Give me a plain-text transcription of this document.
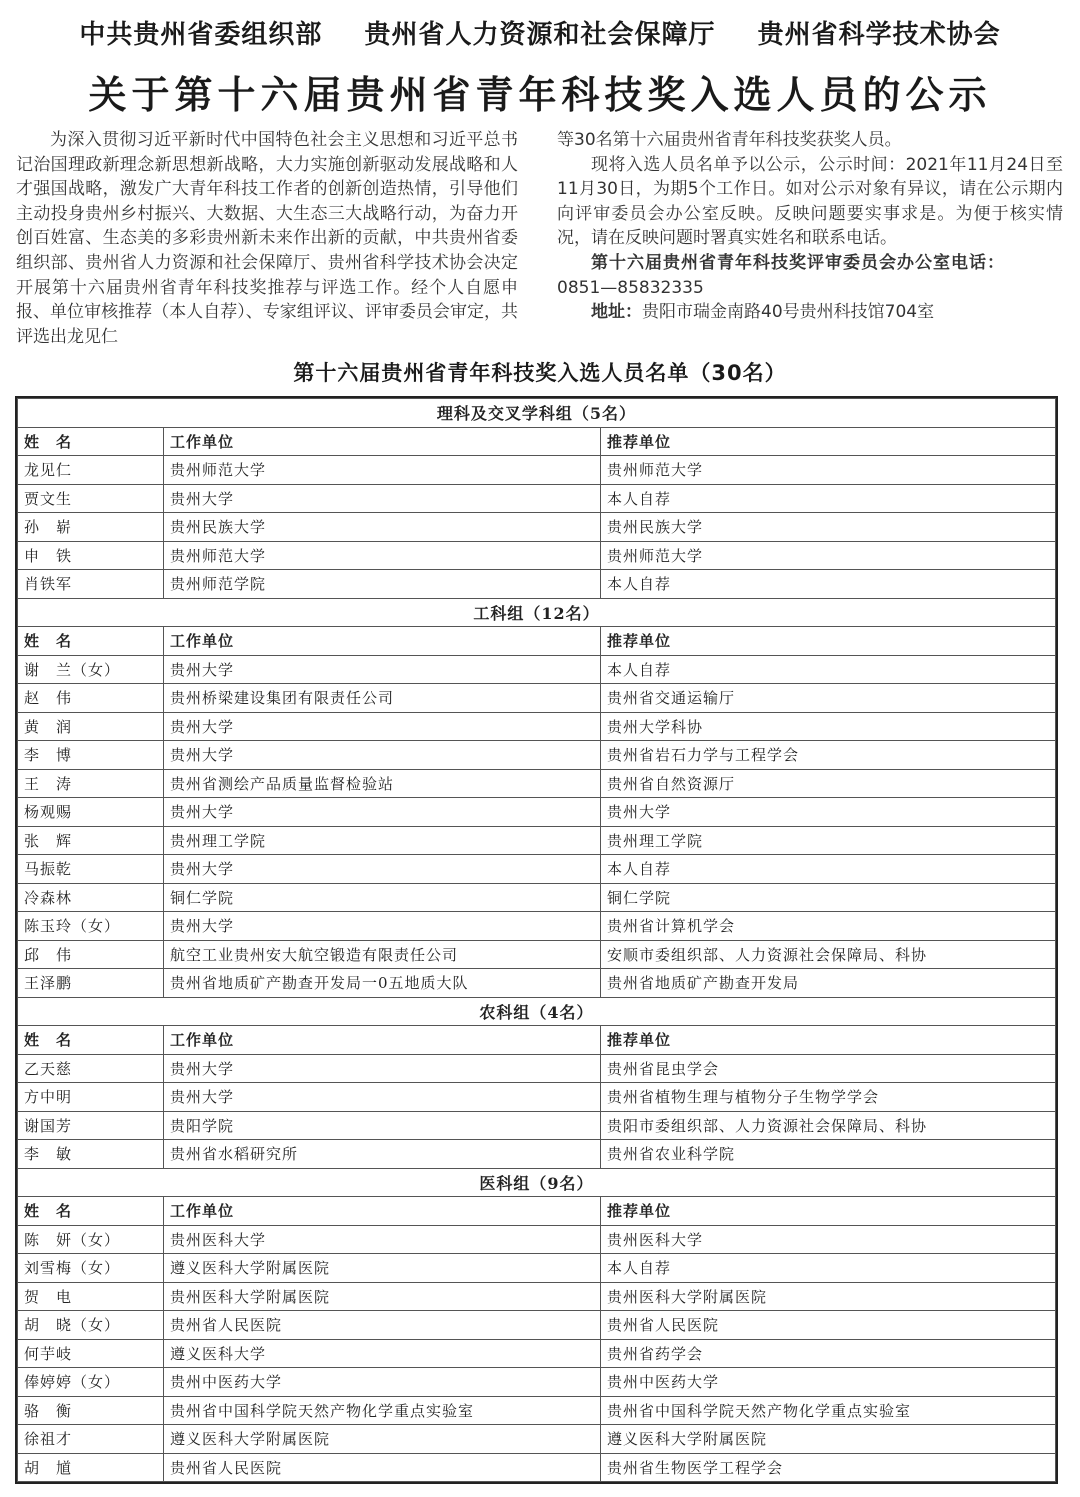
中共贵州省委组织部 贵州省人力资源和社会保障厅 贵州省科学技术协会
关于第十六届贵州省青年科技奖入选人员的公示

为深入贯彻习近平新时代中国特色社会主义思想和习近平总书记治国理政新理念新思想新战略，大力实施创新驱动发展战略和人才强国战略，激发广大青年科技工作者的创新创造热情，引导他们主动投身贵州乡村振兴、大数据、大生态三大战略行动，为奋力开创百姓富、生态美的多彩贵州新未来作出新的贡献，中共贵州省委组织部、贵州省人力资源和社会保障厅、贵州省科学技术协会决定开展第十六届贵州省青年科技奖推荐与评选工作。经个人自愿申报、单位审核推荐（本人自荐）、专家组评议、评审委员会审定，共评选出龙见仁

等30名第十六届贵州省青年科技奖获奖人员。

现将入选人员名单予以公示，公示时间：2021年11月24日至11月30日，为期5个工作日。如对公示对象有异议，请在公示期内向评审委员会办公室反映。反映问题要实事求是。为便于核实情况，请在反映问题时署真实姓名和联系电话。

第十六届贵州省青年科技奖评审委员会办公室电话：

0851—85832335

地址：贵阳市瑞金南路40号贵州科技馆704室

第十六届贵州省青年科技奖入选人员名单（30名）
理科及交叉学科组（5名）		
姓　名	工作单位	推荐单位
龙见仁	贵州师范大学	贵州师范大学
贾文生	贵州大学	本人自荐
孙　崭	贵州民族大学	贵州民族大学
申　铁	贵州师范大学	贵州师范大学
肖铁军	贵州师范学院	本人自荐
工科组（12名）		
姓　名	工作单位	推荐单位
谢　兰（女）	贵州大学	本人自荐
赵　伟	贵州桥梁建设集团有限责任公司	贵州省交通运输厅
黄　润	贵州大学	贵州大学科协
李　博	贵州大学	贵州省岩石力学与工程学会
王　涛	贵州省测绘产品质量监督检验站	贵州省自然资源厅
杨观赐	贵州大学	贵州大学
张　辉	贵州理工学院	贵州理工学院
马振乾	贵州大学	本人自荐
冷森林	铜仁学院	铜仁学院
陈玉玲（女）	贵州大学	贵州省计算机学会
邱　伟	航空工业贵州安大航空锻造有限责任公司	安顺市委组织部、人力资源社会保障局、科协
王泽鹏	贵州省地质矿产勘查开发局一0五地质大队	贵州省地质矿产勘查开发局
农科组（4名）		
姓　名	工作单位	推荐单位
乙天慈	贵州大学	贵州省昆虫学会
方中明	贵州大学	贵州省植物生理与植物分子生物学学会
谢国芳	贵阳学院	贵阳市委组织部、人力资源社会保障局、科协
李　敏	贵州省水稻研究所	贵州省农业科学院
医科组（9名）		
姓　名	工作单位	推荐单位
陈　妍（女）	贵州医科大学	贵州医科大学
刘雪梅（女）	遵义医科大学附属医院	本人自荐
贺　电	贵州医科大学附属医院	贵州医科大学附属医院
胡　晓（女）	贵州省人民医院	贵州省人民医院
何芋岐	遵义医科大学	贵州省药学会
俸婷婷（女）	贵州中医药大学	贵州中医药大学
骆　衡	贵州省中国科学院天然产物化学重点实验室	贵州省中国科学院天然产物化学重点实验室
徐祖才	遵义医科大学附属医院	遵义医科大学附属医院
胡　馗	贵州省人民医院	贵州省生物医学工程学会
